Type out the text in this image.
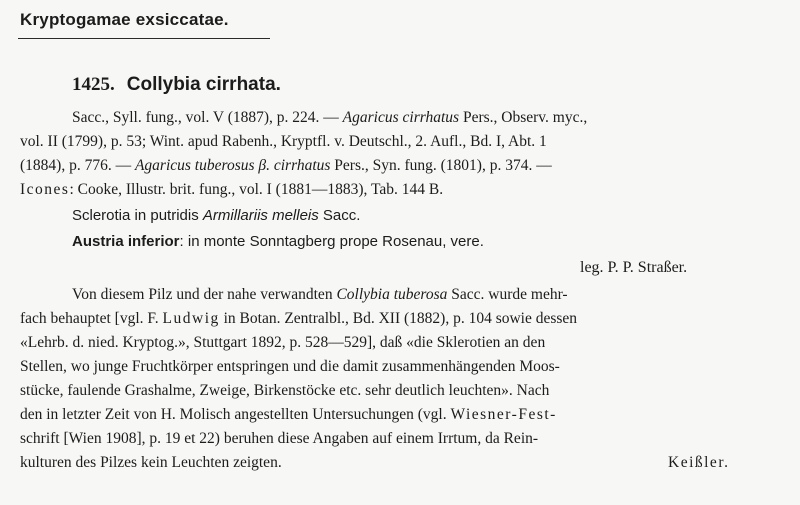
Kryptogamae exsiccatae.
1425. Collybia cirrhata.
Sacc., Syll. fung., vol. V (1887), p. 224. — Agaricus cirrhatus Pers., Observ. myc.,
vol. II (1799), p. 53; Wint. apud Rabenh., Kryptfl. v. Deutschl., 2. Aufl., Bd. I, Abt. 1
(1884), p. 776. — Agaricus tuberosus β. cirrhatus Pers., Syn. fung. (1801), p. 374. —
Icones: Cooke, Illustr. brit. fung., vol. I (1881—1883), Tab. 144 B.
Sclerotia in putridis Armillariis melleis Sacc.
Austria inferior: in monte Sonntagberg prope Rosenau, vere.
leg. P. P. Straßer.
Von diesem Pilz und der nahe verwandten Collybia tuberosa Sacc. wurde mehr-
fach behauptet [vgl. F. Ludwig in Botan. Zentralbl., Bd. XII (1882), p. 104 sowie dessen
«Lehrb. d. nied. Kryptog.», Stuttgart 1892, p. 528—529], daß «die Sklerotien an den
Stellen, wo junge Fruchtkörper entspringen und die damit zusammenhängenden Moos-
stücke, faulende Grashalme, Zweige, Birkenstöcke etc. sehr deutlich leuchten». Nach
den in letzter Zeit von H. Molisch angestellten Untersuchungen (vgl. Wiesner-Fest-
schrift [Wien 1908], p. 19 et 22) beruhen diese Angaben auf einem Irrtum, da Rein-
kulturen des Pilzes kein Leuchten zeigten.	Keißler.
